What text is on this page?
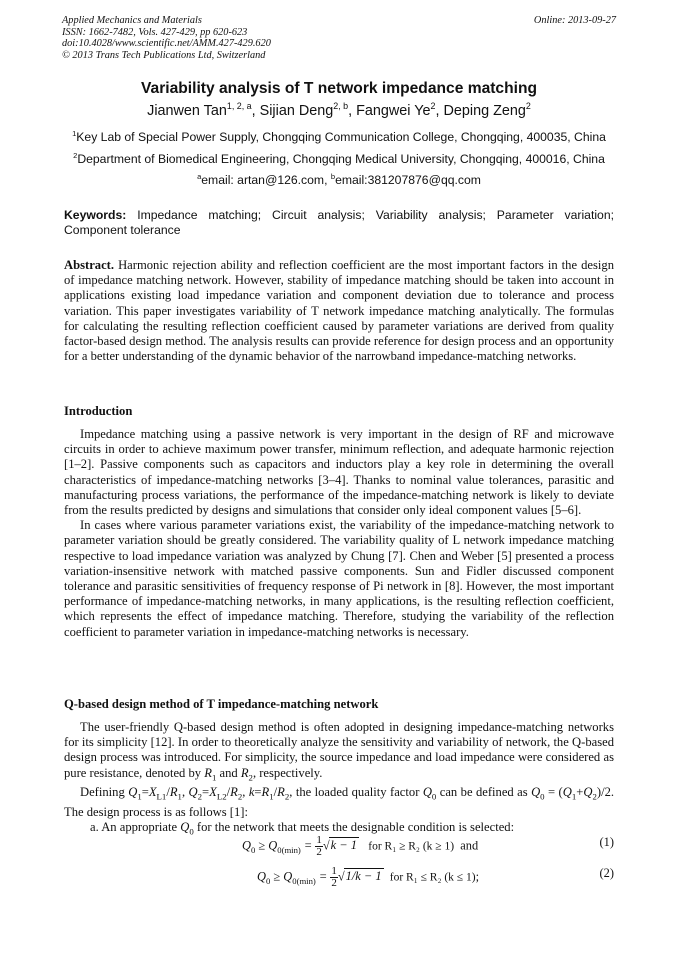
Applied Mechanics and Materials
ISSN: 1662-7482, Vols. 427-429, pp 620-623
doi:10.4028/www.scientific.net/AMM.427-429.620
© 2013 Trans Tech Publications Ltd, Switzerland
Online: 2013-09-27
Variability analysis of T network impedance matching
Jianwen Tan$^{1, 2, a}$, Sijian Deng$^{2, b}$, Fangwei Ye$^2$, Deping Zeng$^2$
$^1$Key Lab of Special Power Supply, Chongqing Communication College, Chongqing, 400035, China
$^2$Department of Biomedical Engineering, Chongqing Medical University, Chongqing, 400016, China
$^a$email: artan@126.com, $^b$email:381207876@qq.com
Keywords: Impedance matching; Circuit analysis; Variability analysis; Parameter variation; Component tolerance

Abstract. Harmonic rejection ability and reflection coefficient are the most important factors in the design of impedance matching network. However, stability of impedance matching should be taken into account in applications existing load impedance variation and component deviation due to tolerance and process variation. This paper investigates variability of T network impedance matching analytically. The formulas for calculating the resulting reflection coefficient caused by parameter variations are derived from quality factor-based design method. The analysis results can provide reference for design process and an opportunity for a better understanding of the dynamic behavior of the narrowband impedance-matching networks.

Introduction

Impedance matching using a passive network is very important in the design of RF and microwave circuits in order to achieve maximum power transfer, minimum reflection, and adequate harmonic rejection [1–2]. Passive components such as capacitors and inductors play a key role in determining the overall characteristics of impedance-matching networks [3–4]. Thanks to nominal value tolerances, parasitic and manufacturing process variations, the performance of the impedance-matching network is likely to deviate from the results predicted by designs and simulations that consider only ideal component values [5–6].

In cases where various parameter variations exist, the variability of the impedance-matching network to parameter variation should be greatly considered. The variability quality of L network impedance matching respective to load impedance variation was analyzed by Chung [7]. Chen and Weber [5] presented a process variation-insensitive network with matched passive components. Sun and Fidler discussed component tolerance and parasitic sensitivities of frequency response of Pi network in [8]. However, the most important performance of impedance-matching networks, in many applications, is the resulting reflection coefficient, which represents the effect of impedance matching. Therefore, studying the variability of the reflection coefficient to parameter variation in impedance-matching networks is necessary.

Q-based design method of T impedance-matching network

The user-friendly Q-based design method is often adopted in designing impedance-matching networks for its simplicity [12]. In order to theoretically analyze the sensitivity and variability of network, the Q-based design process was introduced. For simplicity, the source impedance and load impedance were considered as pure resistance, denoted by $R_1$ and $R_2$, respectively.

Defining $Q_1=X_{L1}/R_1$, $Q_2=X_{L2}/R_2$, $k=R_1/R_2$, the loaded quality factor $Q_0$ can be defined as $Q_0 = (Q_1+Q_2)/2$. The design process is as follows [1]:

a. An appropriate $Q_0$ for the network that meets the designable condition is selected:

$Q_0 \ge Q_{0(min)} = \frac{1}{2} √k - 1$ for R₁ ≥ R₂ (k ≥ 1) and	(1)
$Q_0 \ge Q_{0(min)} = \frac{1}{2} √1/k - 1$ for R₁ ≤ R₂ (k ≤ 1);	(2)
